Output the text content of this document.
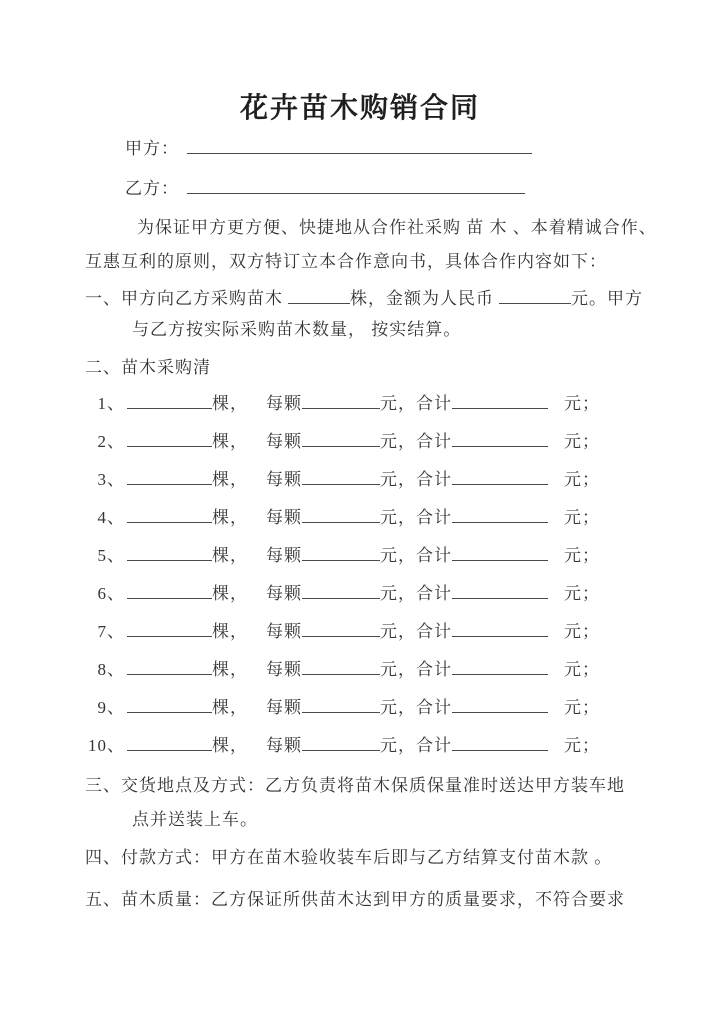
花卉苗木购销合同
甲方：
乙方：
为保证甲方更方便、快捷地从合作社采购 苗 木 、本着精诚合作、
互惠互利的原则，双方特订立本合作意向书，具体合作内容如下：
一、甲方向乙方采购苗木	株，金额为人民币	元。甲方
与乙方按实际采购苗木数量， 按实结算。
二、苗木采购清
1、	棵， 每颗	元，合计	元；
2、	棵， 每颗	元，合计	元；
3、	棵， 每颗	元，合计	元；
4、	棵， 每颗	元，合计	元；
5、	棵， 每颗	元，合计	元；
6、	棵， 每颗	元，合计	元；
7、	棵， 每颗	元，合计	元；
8、	棵， 每颗	元，合计	元；
9、	棵， 每颗	元，合计	元；
10、	棵， 每颗	元，合计	元；
三、交货地点及方式：乙方负责将苗木保质保量准时送达甲方装车地
点并送装上车。
四、付款方式：甲方在苗木验收装车后即与乙方结算支付苗木款 。
五、苗木质量：乙方保证所供苗木达到甲方的质量要求，不符合要求
